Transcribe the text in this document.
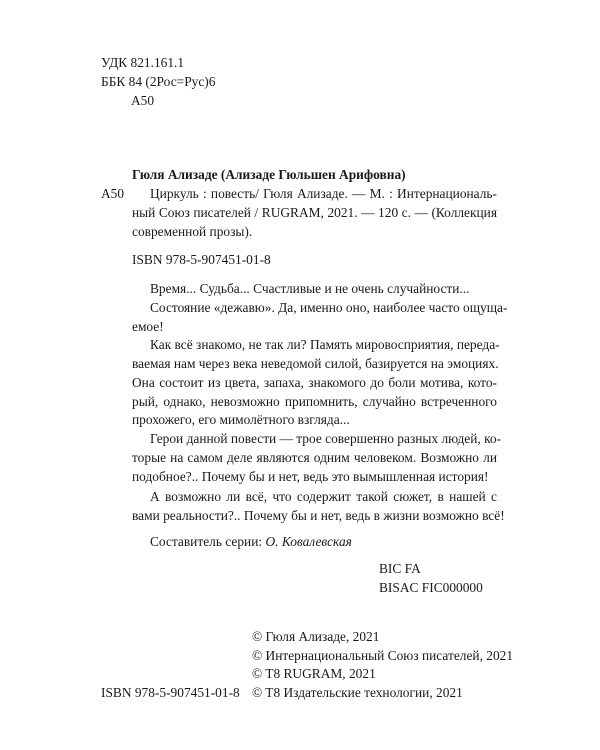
УДК 821.161.1
ББК 84 (2Рос=Рус)6
А50
Гюля Ализаде (Ализаде Гюльшен Арифовна)
А50 Циркуль : повесть/ Гюля Ализаде. — М. : Интернациональ-
ный Союз писателей / RUGRAM, 2021. — 120 с. — (Коллекция
современной прозы).
ISBN 978-5-907451-01-8
Время... Судьба... Счастливые и не очень случайности...
Состояние «дежавю». Да, именно оно, наиболее часто ощуща-
емое!
Как всё знакомо, не так ли? Память мировосприятия, переда-
ваемая нам через века неведомой силой, базируется на эмоциях.
Она состоит из цвета, запаха, знакомого до боли мотива, кото-
рый, однако, невозможно припомнить, случайно встреченного
прохожего, его мимолётного взгляда...
Герои данной повести — трое совершенно разных людей, ко-
торые на самом деле являются одним человеком. Возможно ли
подобное?.. Почему бы и нет, ведь это вымышленная история!
А возможно ли всё, что содержит такой сюжет, в нашей с
вами реальности?.. Почему бы и нет, ведь в жизни возможно всё!
Составитель серии: О. Ковалевская
BIC FA
BISAC FIC000000
© Гюля Ализаде, 2021
© Интернациональный Союз писателей, 2021
© T8 RUGRAM, 2021
ISBN 978-5-907451-01-8 © T8 Издательские технологии, 2021
